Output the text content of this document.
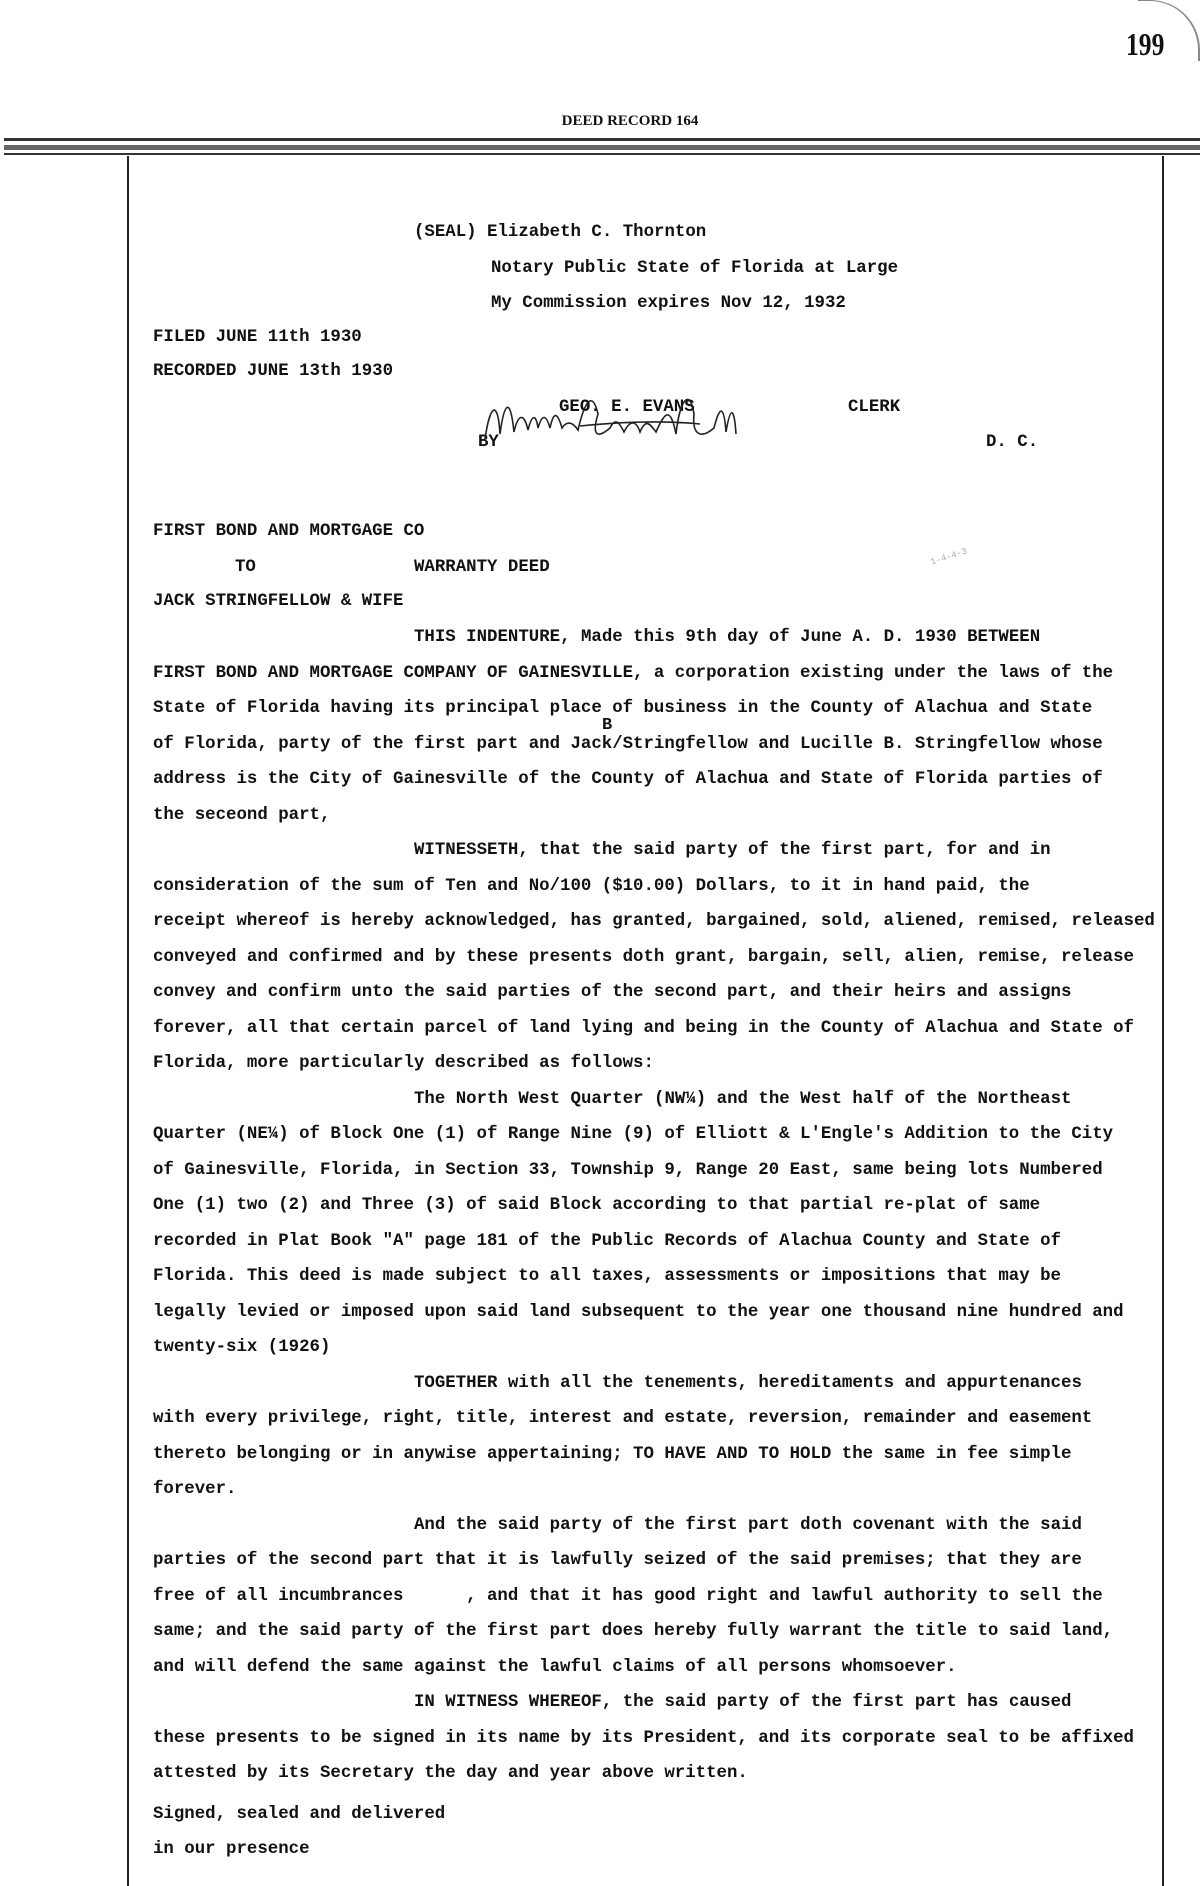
199
DEED RECORD 164
(SEAL) Elizabeth C. Thornton
Notary Public State of Florida at Large
My Commission expires Nov 12, 1932
FILED JUNE 11th 1930
RECORDED JUNE 13th 1930
GEO. E. EVANS	CLERK
BY	D. C.
FIRST BOND AND MORTGAGE CO
TO	WARRANTY DEED
JACK STRINGFELLOW & WIFE
1-4-4-3
THIS INDENTURE, Made this 9th day of June A. D. 1930 BETWEEN
FIRST BOND AND MORTGAGE COMPANY OF GAINESVILLE, a corporation existing under the laws of the
State of Florida having its principal place of business in the County of Alachua and State
of Florida, party of the first part and Jack/Stringfellow and Lucille B. Stringfellow whose
address is the City of Gainesville of the County of Alachua and State of Florida parties of
the seceond part,
WITNESSETH, that the said party of the first part, for and in
consideration of the sum of Ten and No/100 ($10.00) Dollars, to it in hand paid, the
receipt whereof is hereby acknowledged, has granted, bargained, sold, aliened, remised, released
conveyed and confirmed and by these presents doth grant, bargain, sell, alien, remise, release
convey and confirm unto the said parties of the second part, and their heirs and assigns
forever, all that certain parcel of land lying and being in the County of Alachua and State of
Florida, more particularly described as follows:
The North West Quarter (NW¼) and the West half of the Northeast
Quarter (NE¼) of Block One (1) of Range Nine (9) of Elliott & L'Engle's Addition to the City
of Gainesville, Florida, in Section 33, Township 9, Range 20 East, same being lots Numbered
One (1) two (2) and Three (3) of said Block according to that partial re-plat of same
recorded in Plat Book "A" page 181 of the Public Records of Alachua County and State of
Florida. This deed is made subject to all taxes, assessments or impositions that may be
legally levied or imposed upon said land subsequent to the year one thousand nine hundred and
twenty-six (1926)
TOGETHER with all the tenements, hereditaments and appurtenances
with every privilege, right, title, interest and estate, reversion, remainder and easement
thereto belonging or in anywise appertaining; TO HAVE AND TO HOLD the same in fee simple
forever.
And the said party of the first part doth covenant with the said
parties of the second part that it is lawfully seized of the said premises; that they are
free of all incumbrances      , and that it has good right and lawful authority to sell the
same; and the said party of the first part does hereby fully warrant the title to said land,
and will defend the same against the lawful claims of all persons whomsoever.
IN WITNESS WHEREOF, the said party of the first part has caused
these presents to be signed in its name by its President, and its corporate seal to be affixed
attested by its Secretary the day and year above written.
Signed, sealed and delivered
in our presence
B
